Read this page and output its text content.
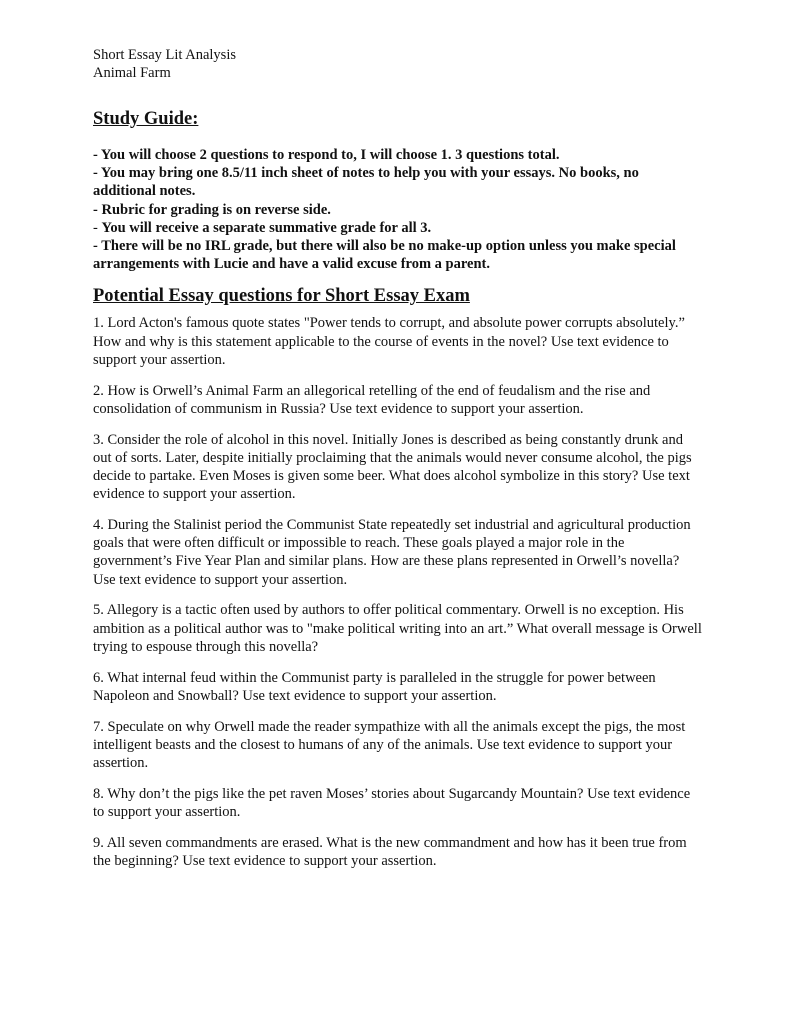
Short Essay Lit Analysis

Animal Farm

Study Guide:
- You will choose 2 questions to respond to, I will choose 1. 3 questions total.
- You may bring one 8.5/11 inch sheet of notes to help you with your essays. No books, no additional notes.
- Rubric for grading is on reverse side.
- You will receive a separate summative grade for all 3.
- There will be no IRL grade, but there will also be no make-up option unless you make special arrangements with Lucie and have a valid excuse from a parent.
Potential Essay questions for Short Essay Exam
1. Lord Acton's famous quote states "Power tends to corrupt, and absolute power corrupts absolutely.” How and why is this statement applicable to the course of events in the novel? Use text evidence to support your assertion.
2. How is Orwell’s Animal Farm an allegorical retelling of the end of feudalism and the rise and consolidation of communism in Russia? Use text evidence to support your assertion.
3. Consider the role of alcohol in this novel. Initially Jones is described as being constantly drunk and out of sorts. Later, despite initially proclaiming that the animals would never consume alcohol, the pigs decide to partake. Even Moses is given some beer. What does alcohol symbolize in this story? Use text evidence to support your assertion.
4. During the Stalinist period the Communist State repeatedly set industrial and agricultural production goals that were often difficult or impossible to reach. These goals played a major role in the government’s Five Year Plan and similar plans. How are these plans represented in Orwell’s novella? Use text evidence to support your assertion.
5. Allegory is a tactic often used by authors to offer political commentary. Orwell is no exception. His ambition as a political author was to "make political writing into an art.” What overall message is Orwell trying to espouse through this novella?
6. What internal feud within the Communist party is paralleled in the struggle for power between Napoleon and Snowball? Use text evidence to support your assertion.
7. Speculate on why Orwell made the reader sympathize with all the animals except the pigs, the most intelligent beasts and the closest to humans of any of the animals. Use text evidence to support your assertion.
8. Why don’t the pigs like the pet raven Moses’ stories about Sugarcandy Mountain? Use text evidence to support your assertion.
9. All seven commandments are erased. What is the new commandment and how has it been true from the beginning? Use text evidence to support your assertion.
